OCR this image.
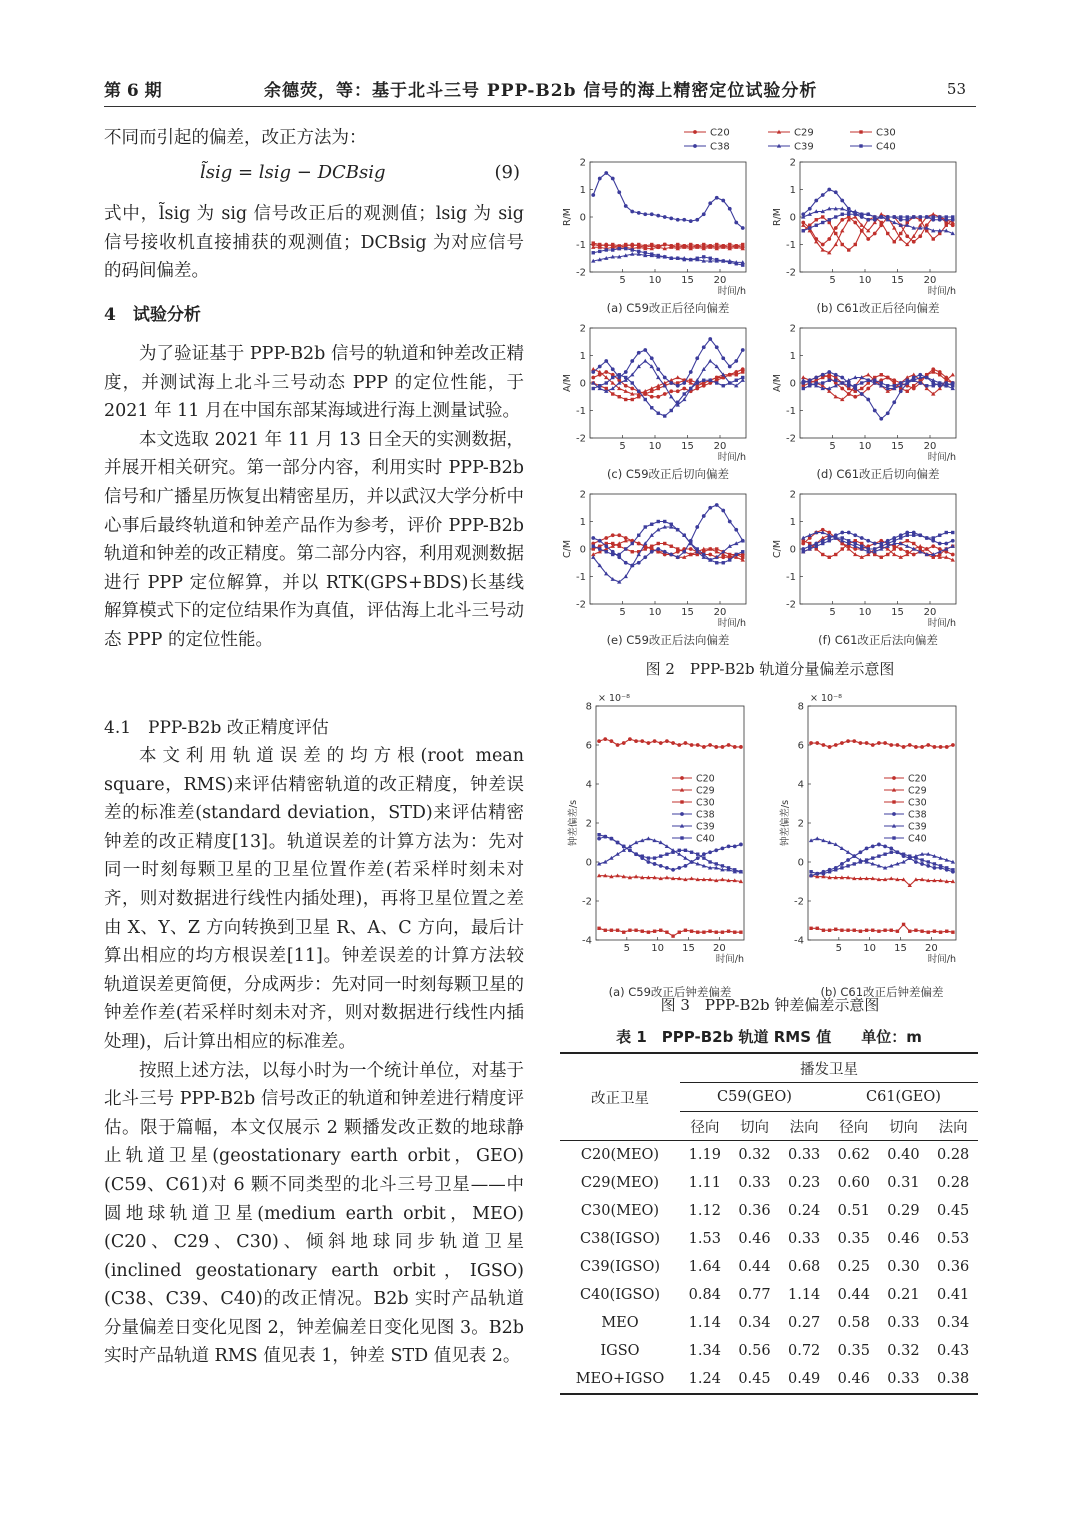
第 6 期	余德荧，等：基于北斗三号 PPP-B2b 信号的海上精密定位试验分析	53

不同而引起的偏差，改正方法为：

l̃sig = lsig − DCBsig	(9)

式中，l̃sig 为 sig 信号改正后的观测值；lsig 为 sig 信号接收机直接捕获的观测值；DCBsig 为对应信号的码间偏差。

4　试验分析

为了验证基于 PPP-B2b 信号的轨道和钟差改正精度，并测试海上北斗三号动态 PPP 的定位性能，于 2021 年 11 月在中国东部某海域进行海上测量试验。

本文选取 2021 年 11 月 13 日全天的实测数据，并展开相关研究。第一部分内容，利用实时 PPP-B2b 信号和广播星历恢复出精密星历，并以武汉大学分析中心事后最终轨道和钟差产品作为参考，评价 PPP-B2b 轨道和钟差的改正精度。第二部分内容，利用观测数据进行 PPP 定位解算，并以 RTK(GPS+BDS)长基线解算模式下的定位结果作为真值，评估海上北斗三号动态 PPP 的定位性能。

4.1　PPP-B2b 改正精度评估

本文利用轨道误差的均方根(root mean square，RMS)来评估精密轨道的改正精度，钟差误差的标准差(standard deviation，STD)来评估精密钟差的改正精度[13]。轨道误差的计算方法为：先对同一时刻每颗卫星的卫星位置作差(若采样时刻未对齐，则对数据进行线性内插处理)，再将卫星位置之差由 X、Y、Z 方向转换到卫星 R、A、C 方向，最后计算出相应的均方根误差[11]。钟差误差的计算方法较轨道误差更简便，分成两步：先对同一时刻每颗卫星的钟差作差(若采样时刻未对齐，则对数据进行线性内插处理)，后计算出相应的标准差。

按照上述方法，以每小时为一个统计单位，对基于北斗三号 PPP-B2b 信号改正的轨道和钟差进行精度评估。限于篇幅，本文仅展示 2 颗播发改正数的地球静止轨道卫星(geostationary earth orbit，GEO)(C59、C61)对 6 颗不同类型的北斗三号卫星——中圆地球轨道卫星(medium earth orbit，MEO)(C20、C29、C30)、倾斜地球同步轨道卫星(inclined geostationary earth orbit，IGSO)(C38、C39、C40)的改正情况。B2b 实时产品轨道分量偏差日变化见图 2，钟差偏差日变化见图 3。B2b 实时产品轨道 RMS 值见表 1，钟差 STD 值见表 2。

C20	C29	C30
C38	C39	C40
-2
-1
0
1
2
5 10 15 20
时间/h
R/M
(a) C59改正后径向偏差
-2
-1
0
1
2
5 10 15 20
时间/h
R/M
(b) C61改正后径向偏差
-2
-1
0
1
2
5 10 15 20
时间/h
A/M
(c) C59改正后切向偏差
-2
-1
0
1
2
5 10 15 20
时间/h
A/M
(d) C61改正后切向偏差
-2
-1
0
1
2
5 10 15 20
时间/h
C/M
(e) C59改正后法向偏差
-2
-1
0
1
2
5 10 15 20
时间/h
C/M
(f) C61改正后法向偏差
图 2　PPP-B2b 轨道分量偏差示意图
-4
-2
0
2
4
6
8
5 10 15 20
时间/h
钟差偏差/s
× 10⁻⁸
C20
C29
C30
C38
C39
C40
(a) C59改正后钟差偏差
-4
-2
0
2
4
6
8
5 10 15 20
时间/h
钟差偏差/s
× 10⁻⁸
C20
C29
C30
C38
C39
C40
(b) C61改正后钟差偏差
图 3　PPP-B2b 钟差偏差示意图
表 1　PPP-B2b 轨道 RMS 值　　单位：m
改正卫星	播发卫星					
	C59(GEO)			C61(GEO)		
	径向	切向	法向	径向	切向	法向
C20(MEO)	1.19	0.32	0.33	0.62	0.40	0.28
C29(MEO)	1.11	0.33	0.23	0.60	0.31	0.28
C30(MEO)	1.12	0.36	0.24	0.51	0.29	0.45
C38(IGSO)	1.53	0.46	0.33	0.35	0.46	0.53
C39(IGSO)	1.64	0.44	0.68	0.25	0.30	0.36
C40(IGSO)	0.84	0.77	1.14	0.44	0.21	0.41
MEO	1.14	0.34	0.27	0.58	0.33	0.34
IGSO	1.34	0.56	0.72	0.35	0.32	0.43
MEO+IGSO	1.24	0.45	0.49	0.46	0.33	0.38
